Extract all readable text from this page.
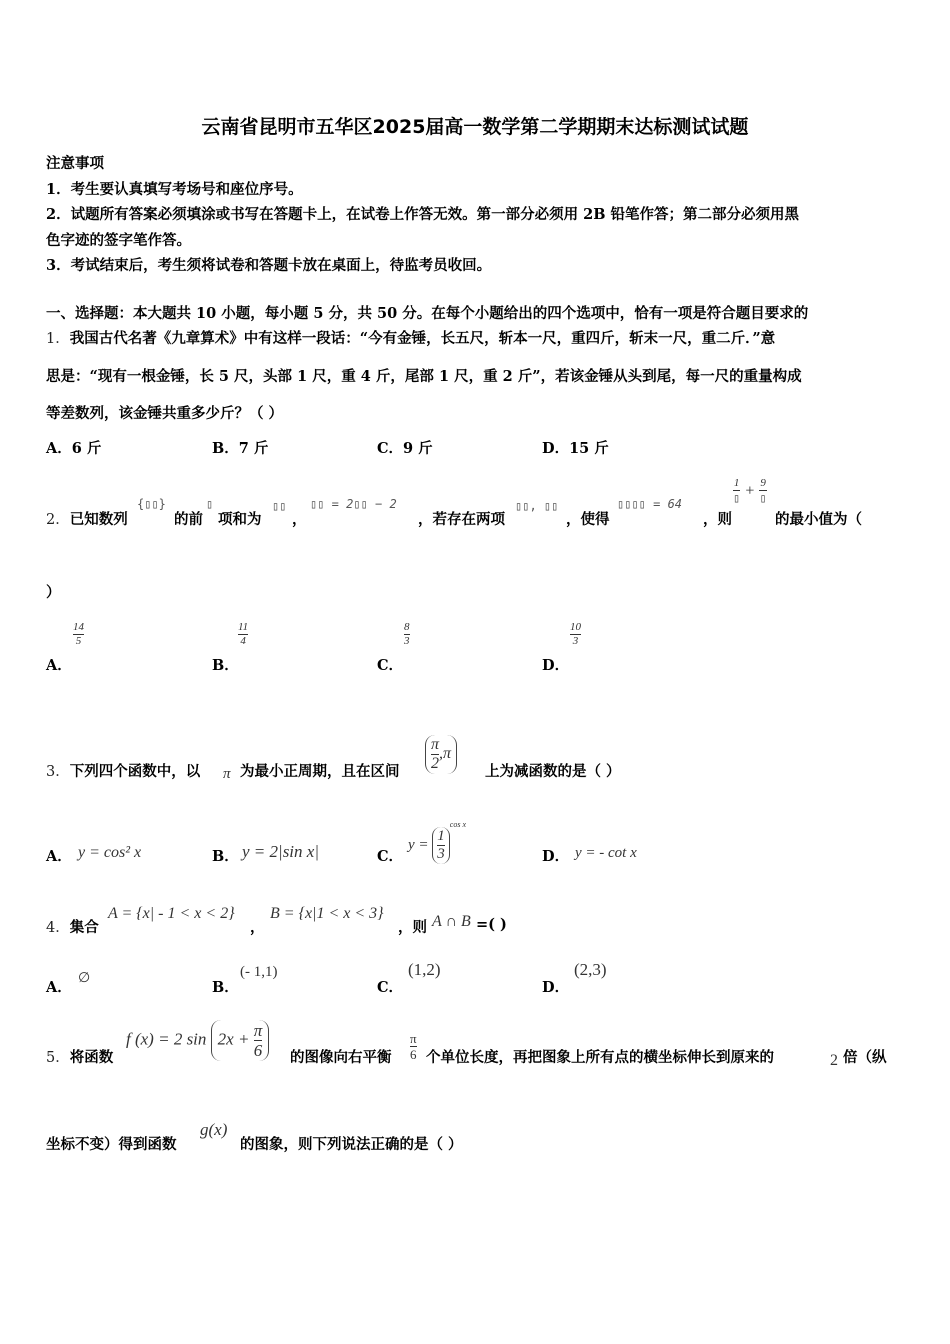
云南省昆明市五华区2025届高一数学第二学期期末达标测试试题
注意事项
1．考生要认真填写考场号和座位序号。
2．试题所有答案必须填涂或书写在答题卡上，在试卷上作答无效。第一部分必须用 2B 铅笔作答；第二部分必须用黑
色字迹的签字笔作答。
3．考试结束后，考生须将试卷和答题卡放在桌面上，待监考员收回。
一、选择题：本大题共 10 小题，每小题 5 分，共 50 分。在每个小题给出的四个选项中，恰有一项是符合题目要求的
1．我国古代名著《九章算术》中有这样一段话：“今有金锤，长五尺，斩本一尺，重四斤，斩末一尺，重二斤．”意
思是：“现有一根金锤，长 5 尺，头部 1 尺，重 4 斤，尾部 1 尺，重 2 斤”，若该金锤从头到尾，每一尺的重量构成
等差数列，该金锤共重多少斤？（ ）
A．6 斤	B．7 斤	C．9 斤	D．15 斤
2．已知数列
{▯▯}
的前
▯
项和为
▯▯
，
▯▯ = 2▯▯ − 2
，若存在两项
▯▯, ▯▯
，使得
▯▯▯▯ = 64
，则
$\frac{1}{▯} + \frac{9}{▯}$
的最小值为（
）
A．
$\frac{14}{5}$
B．
$\frac{11}{4}$
C．
$\frac{8}{3}$
D．
$\frac{10}{3}$
3．下列四个函数中，以 π 为最小正周期，且在区间 $\frac{\pi}{2} ,\pi$
上为减函数的是（ ）
A． y = cos² x	B． y = 2|sin x|	C．
$y = \frac{1}{3}$
$^{cos x}$
D． y = - cot x
4．集合
A = {x| - 1 < x < 2}
，
B = {x|1 < x < 3}
，则 A ∩ B =( )
A．
∅
B．
(- 1,1)
C．
(1,2)
D．
(2,3)
5．将函数
f (x) = 2 $\sin 2x + \frac{\pi}{6}$ 的图像向右平衡 $\frac{\pi}{6}$ 个单位长度，再把图象上所有点的横坐标伸长到原来的	2 倍（纵
坐标不变）得到函数
g(x)
的图象，则下列说法正确的是（ ）
